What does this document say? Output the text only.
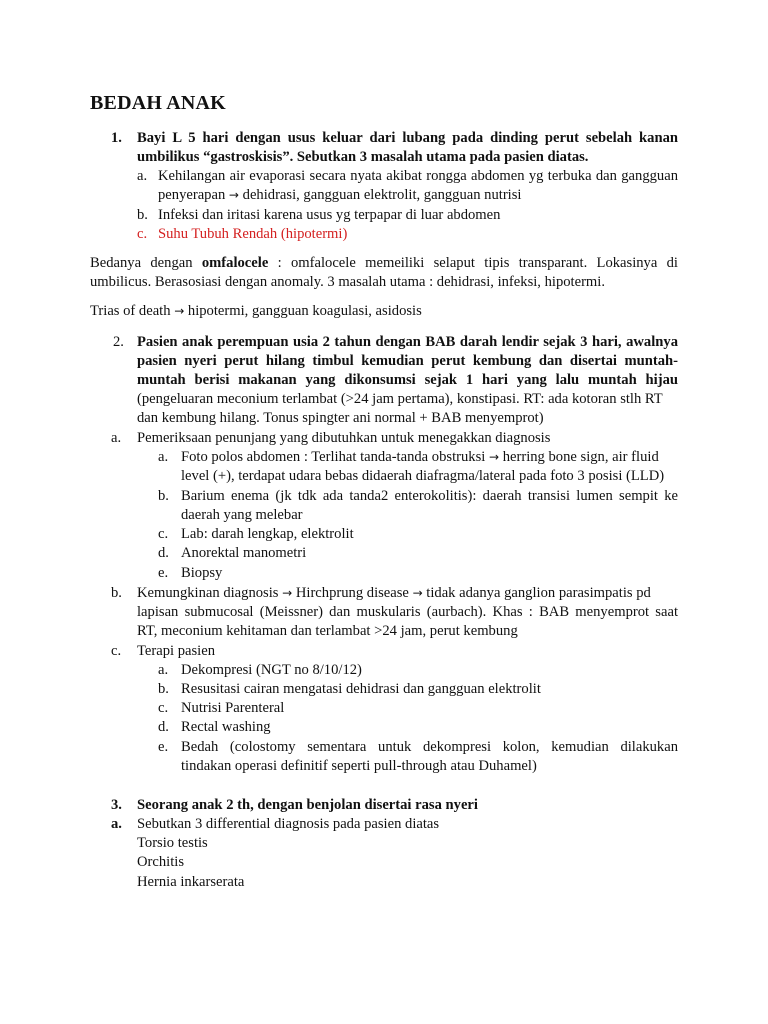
BEDAH ANAK
1. Bayi L 5 hari dengan usus keluar dari lubang pada dinding perut sebelah kanan
umbilikus “gastroskisis”. Sebutkan 3 masalah utama pada pasien diatas.
a. Kehilangan air evaporasi secara nyata akibat rongga abdomen yg terbuka dan gangguan
penyerapan → dehidrasi, gangguan elektrolit, gangguan nutrisi
b. Infeksi dan iritasi karena usus yg terpapar di luar abdomen
c. Suhu Tubuh Rendah (hipotermi)
Bedanya dengan omfalocele : omfalocele memeiliki selaput tipis transparant. Lokasinya di
umbilicus. Berasosiasi dengan anomaly. 3 masalah utama : dehidrasi, infeksi, hipotermi.
Trias of death → hipotermi, gangguan koagulasi, asidosis
2. Pasien anak perempuan usia 2 tahun dengan BAB darah lendir sejak 3 hari, awalnya
pasien nyeri perut hilang timbul kemudian perut kembung dan disertai muntah-
muntah berisi makanan yang dikonsumsi sejak 1 hari yang lalu muntah hijau
(pengeluaran meconium terlambat (>24 jam pertama), konstipasi. RT: ada kotoran stlh RT
dan kembung hilang. Tonus spingter ani normal + BAB menyemprot)
a. Pemeriksaan penunjang yang dibutuhkan untuk menegakkan diagnosis
a. Foto polos abdomen : Terlihat tanda-tanda obstruksi → herring bone sign, air fluid
level (+), terdapat udara bebas didaerah diafragma/lateral pada foto 3 posisi (LLD)
b. Barium enema (jk tdk ada tanda2 enterokolitis): daerah transisi lumen sempit ke
daerah yang melebar
c. Lab: darah lengkap, elektrolit
d. Anorektal manometri
e. Biopsy
b. Kemungkinan diagnosis → Hirchprung disease → tidak adanya ganglion parasimpatis pd
lapisan submucosal (Meissner) dan muskularis (aurbach). Khas : BAB menyemprot saat
RT, meconium kehitaman dan terlambat >24 jam, perut kembung
c. Terapi pasien
a. Dekompresi (NGT no 8/10/12)
b. Resusitasi cairan mengatasi dehidrasi dan gangguan elektrolit
c. Nutrisi Parenteral
d. Rectal washing
e. Bedah (colostomy sementara untuk dekompresi kolon, kemudian dilakukan
tindakan operasi definitif seperti pull-through atau Duhamel)
3. Seorang anak 2 th, dengan benjolan disertai rasa nyeri
a. Sebutkan 3 differential diagnosis pada pasien diatas
Torsio testis
Orchitis
Hernia inkarserata
